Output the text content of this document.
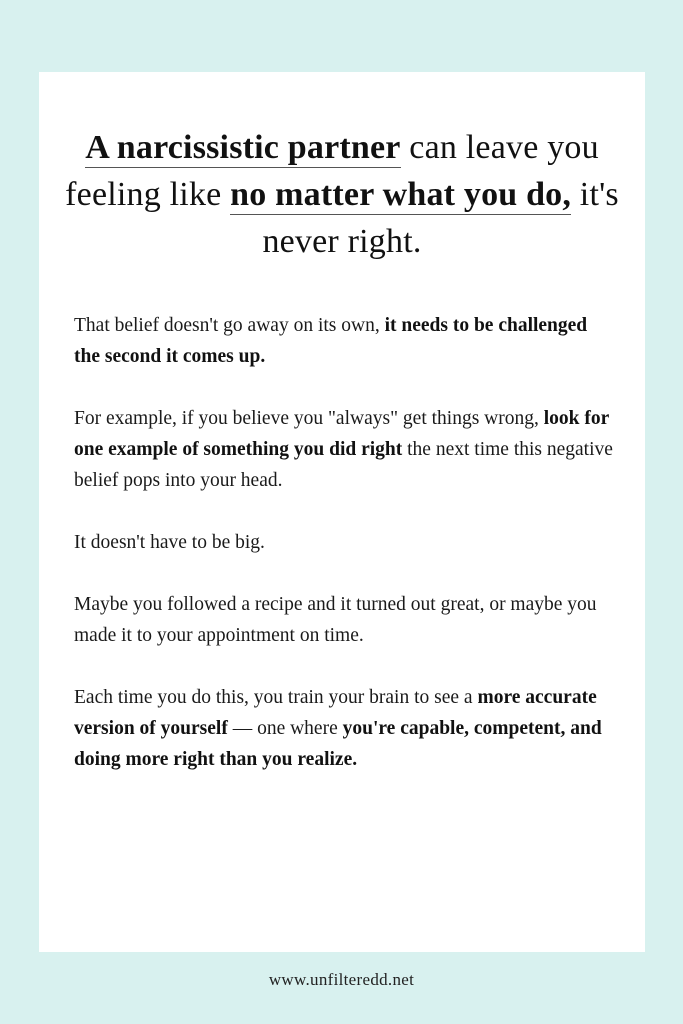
A narcissistic partner can leave you feeling like no matter what you do, it's never right.

That belief doesn't go away on its own, it needs to be challenged the second it comes up.

For example, if you believe you "always" get things wrong, look for one example of something you did right the next time this negative belief pops into your head.

It doesn't have to be big.

Maybe you followed a recipe and it turned out great, or maybe you made it to your appointment on time.

Each time you do this, you train your brain to see a more accurate version of yourself — one where you're capable, competent, and doing more right than you realize.

www.unfilteredd.net
